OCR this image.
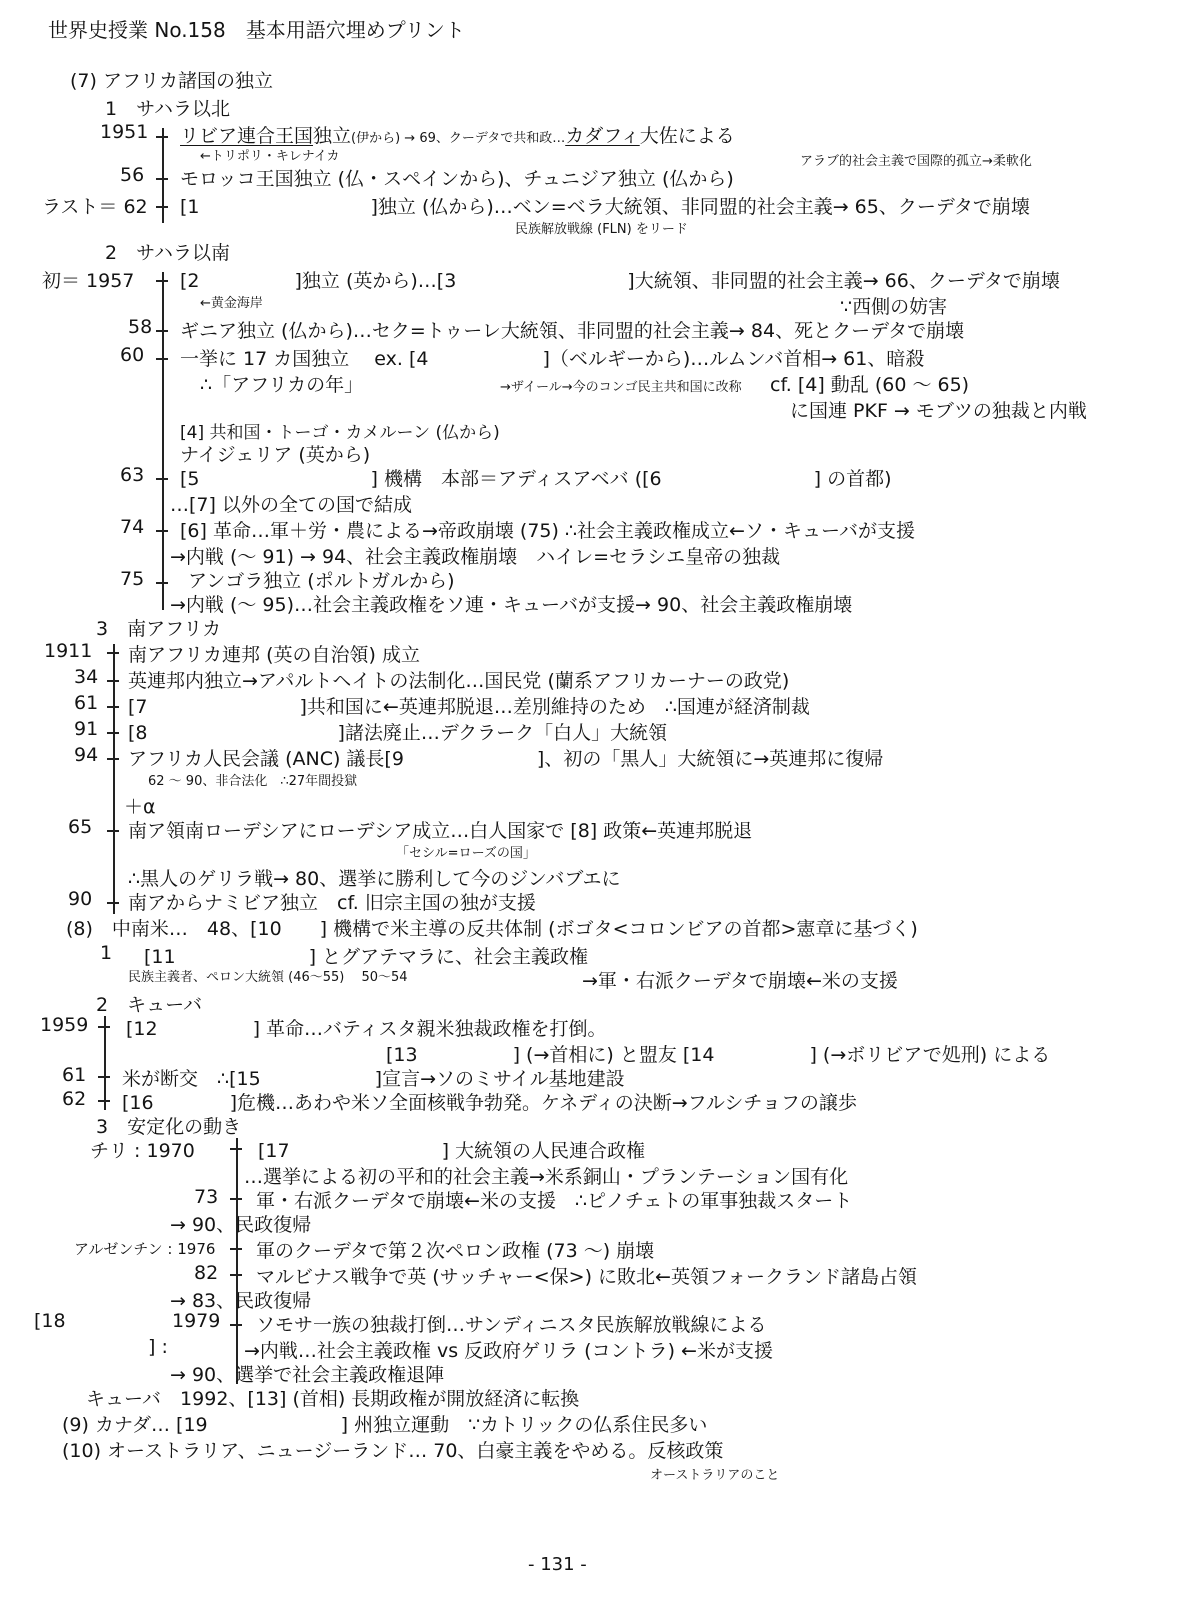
世界史授業 No.158　基本用語穴埋めプリント
(7) アフリカ諸国の独立
1　サハラ以北
1951 リビア連合王国独立(伊から) → 69、クーデタで共和政…カダフィ大佐による
←トリポリ・キレナイカ	アラブ的社会主義で国際的孤立→柔軟化
56 モロッコ王国独立 (仏・スペインから)、チュニジア独立 (仏から)
ラスト＝ 62 [1　　　　　　　　　]独立 (仏から)…ベン=ベラ大統領、非同盟的社会主義→ 65、クーデタで崩壊
民族解放戦線 (FLN) をリード
2　サハラ以南
初＝ 1957 [2　　　　　]独立 (英から)…[3　　　　　　　　　]大統領、非同盟的社会主義→ 66、クーデタで崩壊
←黄金海岸	∵西側の妨害
58 ギニア独立 (仏から)…セク=トゥーレ大統領、非同盟的社会主義→ 84、死とクーデタで崩壊
60 一挙に 17 カ国独立　 ex. [4　　　　　　]（ベルギーから)…ルムンバ首相→ 61、暗殺
∴「アフリカの年」	→ザイール→今のコンゴ民主共和国に改称 cf. [4] 動乱 (60 ～ 65)
に国連 PKF → モブツの独裁と内戦
[4] 共和国・トーゴ・カメルーン (仏から)
ナイジェリア (英から)
63 [5　　　　　　　　　] 機構　本部＝アディスアベバ ([6　　　　　　　　] の首都)
…[7] 以外の全ての国で結成
74 [6] 革命…軍＋労・農による→帝政崩壊 (75) ∴社会主義政権成立←ソ・キューバが支援
→内戦 (～ 91) → 94、社会主義政権崩壊　ハイレ=セラシエ皇帝の独裁
75 アンゴラ独立 (ポルトガルから)
→内戦 (～ 95)…社会主義政権をソ連・キューバが支援→ 90、社会主義政権崩壊
3　南アフリカ
1911 南アフリカ連邦 (英の自治領) 成立
34 英連邦内独立→アパルトヘイトの法制化…国民党 (蘭系アフリカーナーの政党)
61 [7　　　　　　　　]共和国に←英連邦脱退…差別維持のため　∴国連が経済制裁
91 [8　　　　　　　　　　]諸法廃止…デクラーク「白人」大統領
94 アフリカ人民会議 (ANC) 議長[9　　　　　　　]、初の「黒人」大統領に→英連邦に復帰
62 ～ 90、非合法化　∴27年間投獄
＋α
65 南ア領南ローデシアにローデシア成立…白人国家で [8] 政策←英連邦脱退
「セシル=ローズの国」
∴黒人のゲリラ戦→ 80、選挙に勝利して今のジンバブエに
90 南アからナミビア独立　cf. 旧宗主国の独が支援
(8)　中南米…　48、[10　　] 機構で米主導の反共体制 (ボゴタ<コロンビアの首都>憲章に基づく)
1 [11　　　　　　　] とグアテマラに、社会主義政権
民族主義者、ペロン大統領 (46～55)　 50～54	→軍・右派クーデタで崩壊←米の支援
2　キューバ
1959 [12　　　　　] 革命…バティスタ親米独裁政権を打倒。
[13　　　　　] (→首相に) と盟友 [14　　　　　] (→ボリビアで処刑) による
61 米が断交　∴[15　　　　　　]宣言→ソのミサイル基地建設
62 [16　　　　]危機…あわや米ソ全面核戦争勃発。ケネディの決断→フルシチョフの譲歩
3　安定化の動き
チリ : 1970	[17　　　　　　　　] 大統領の人民連合政権
…選挙による初の平和的社会主義→米系銅山・プランテーション国有化
73 軍・右派クーデタで崩壊←米の支援　∴ピノチェトの軍事独裁スタート
→ 90、民政復帰
アルゼンチン : 1976 軍のクーデタで第２次ペロン政権 (73 ～) 崩壊
82 マルビナス戦争で英 (サッチャー<保>) に敗北←英領フォークランド諸島占領
→ 83、民政復帰
[18	1979 ソモサ一族の独裁打倒…サンディニスタ民族解放戦線による
] :	→内戦…社会主義政権 vs 反政府ゲリラ (コントラ) ←米が支援
→ 90、選挙で社会主義政権退陣
キューバ　1992、[13] (首相) 長期政権が開放経済に転換
(9) カナダ… [19　　　　　　　] 州独立運動　∵カトリックの仏系住民多い
(10) オーストラリア、ニュージーランド… 70、白豪主義をやめる。反核政策
オーストラリアのこと
- 131 -
